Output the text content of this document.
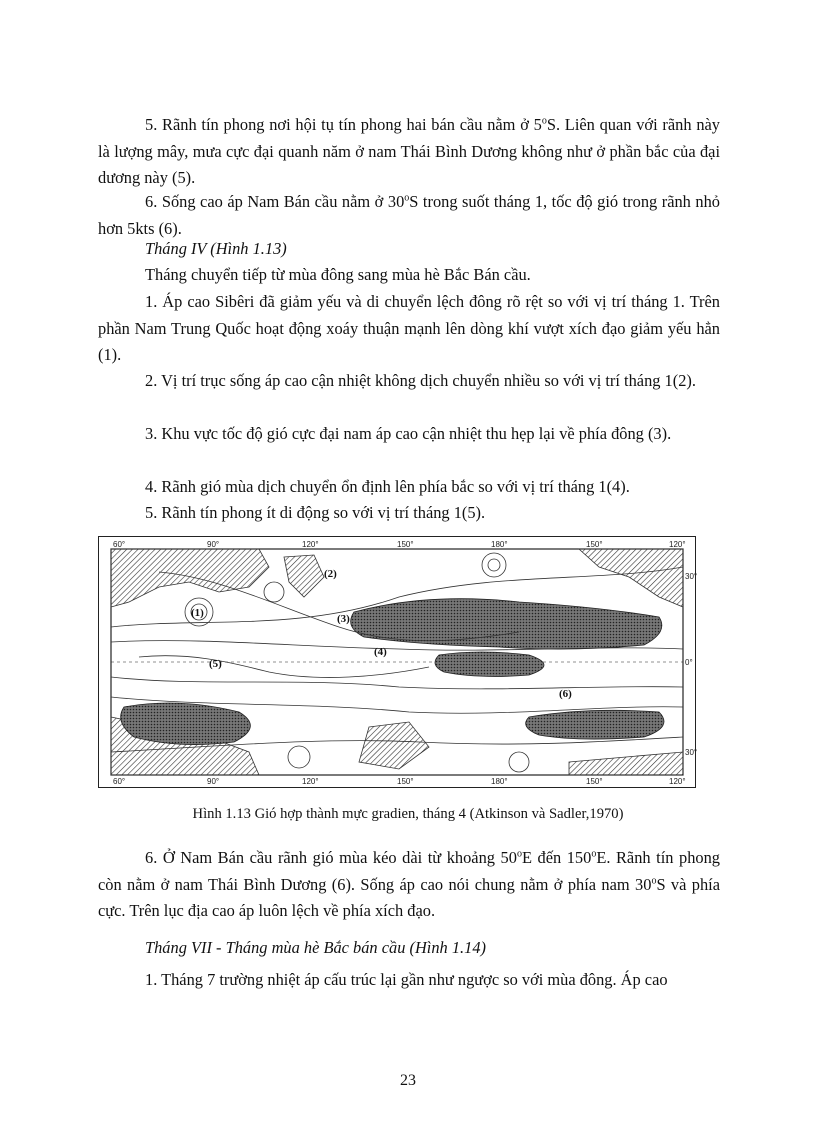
5. Rãnh tín phong nơi hội tụ tín phong hai bán cầu nằm ở 5$^o$S. Liên quan với rãnh này là lượng mây, mưa cực đại quanh năm ở nam Thái Bình Dương không như ở phần bắc của đại dương này (5).

6. Sống cao áp Nam Bán cầu nằm ở 30$^o$S trong suốt tháng 1, tốc độ gió trong rãnh nhỏ hơn 5kts (6).

Tháng IV (Hình 1.13)

Tháng chuyển tiếp từ mùa đông sang mùa hè Bắc Bán cầu.

1. Áp cao Sibêri đã giảm yếu và di chuyển lệch đông rõ rệt so với vị trí tháng 1. Trên phần Nam Trung Quốc hoạt động xoáy thuận mạnh lên dòng khí vượt xích đạo giảm yếu hẳn (1).

2. Vị trí trục sống áp cao cận nhiệt không dịch chuyển nhiều so với vị trí tháng 1(2).

3. Khu vực tốc độ gió cực đại nam áp cao cận nhiệt thu hẹp lại về phía đông (3).

4. Rãnh gió mùa dịch chuyển ổn định lên phía bắc so với vị trí tháng 1(4).

5. Rãnh tín phong ít di động so với vị trí tháng 1(5).

60°	90°	120°	150°	180°	150°	120°
60°	90°	120°	150°	180°	150°	120°
30°
0°
30°
(1)
(2)
(3)
(4)
(5)
(6)
Hình 1.13 Gió hợp thành mực gradien, tháng 4 (Atkinson và Sadler,1970)

6. Ở Nam Bán cầu rãnh gió mùa kéo dài từ khoảng 50$^o$E đến 150$^o$E. Rãnh tín phong còn nằm ở nam Thái Bình Dương (6). Sống áp cao nói chung nằm ở phía nam 30$^o$S và phía cực. Trên lục địa cao áp luôn lệch về phía xích đạo.

Tháng VII - Tháng mùa hè Bắc bán cầu (Hình 1.14)

1. Tháng 7 trường nhiệt áp cấu trúc lại gần như ngược so với mùa đông. Áp cao

23
